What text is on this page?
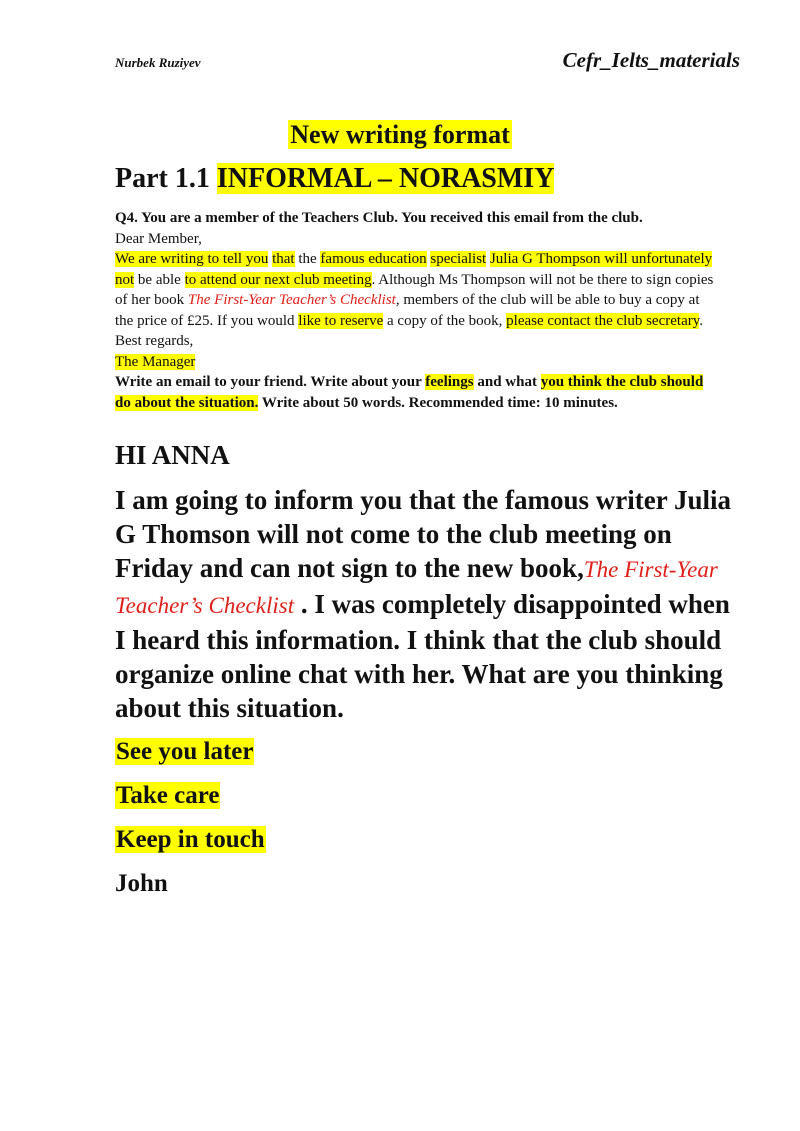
Nurbek Ruziyev	Cefr_Ielts_materials
New writing format
Part 1.1 INFORMAL – NORASMIY
Q4. You are a member of the Teachers Club. You received this email from the club.
Dear Member,
We are writing to tell you that the famous education specialist Julia G Thompson will unfortunately not be able to attend our next club meeting. Although Ms Thompson will not be there to sign copies of her book The First-Year Teacher’s Checklist, members of the club will be able to buy a copy at the price of £25. If you would like to reserve a copy of the book, please contact the club secretary.
Best regards,
The Manager
Write an email to your friend. Write about your feelings and what you think the club should do about the situation. Write about 50 words. Recommended time: 10 minutes.
HI ANNA
I am going to inform you that the famous writer Julia G Thomson will not come to the club meeting on Friday and can not sign to the new book,The First-Year Teacher’s Checklist . I was completely disappointed when I heard this information. I think that the club should organize online chat with her. What are you thinking about this situation.
See you later
Take care
Keep in touch
John
